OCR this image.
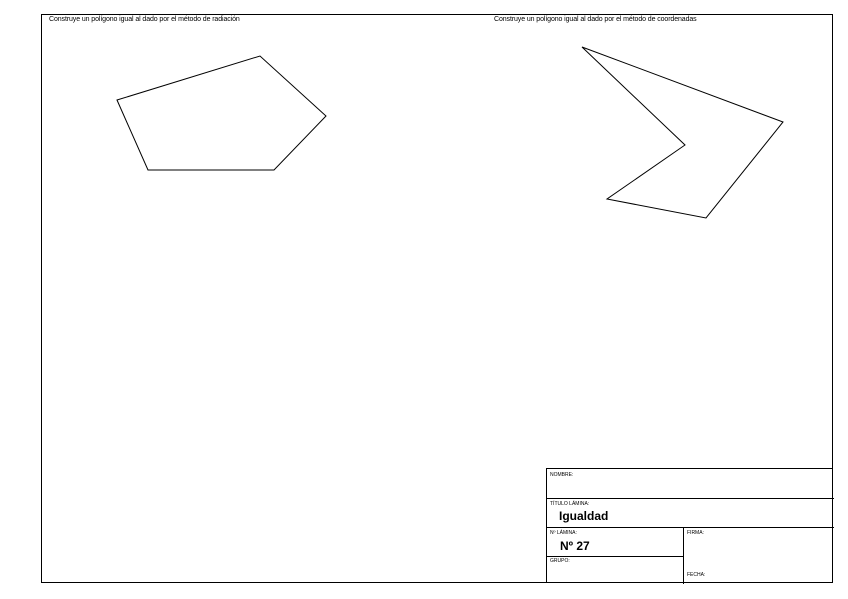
Construye un polígono igual al dado por el método de radiación	Construye un polígono igual al dado por el método de coordenadas
NOMBRE:
TÍTULO LÁMINA:
Igualdad
Nº LÁMINA:
Nº 27
GRUPO:
FIRMA:
FECHA:
